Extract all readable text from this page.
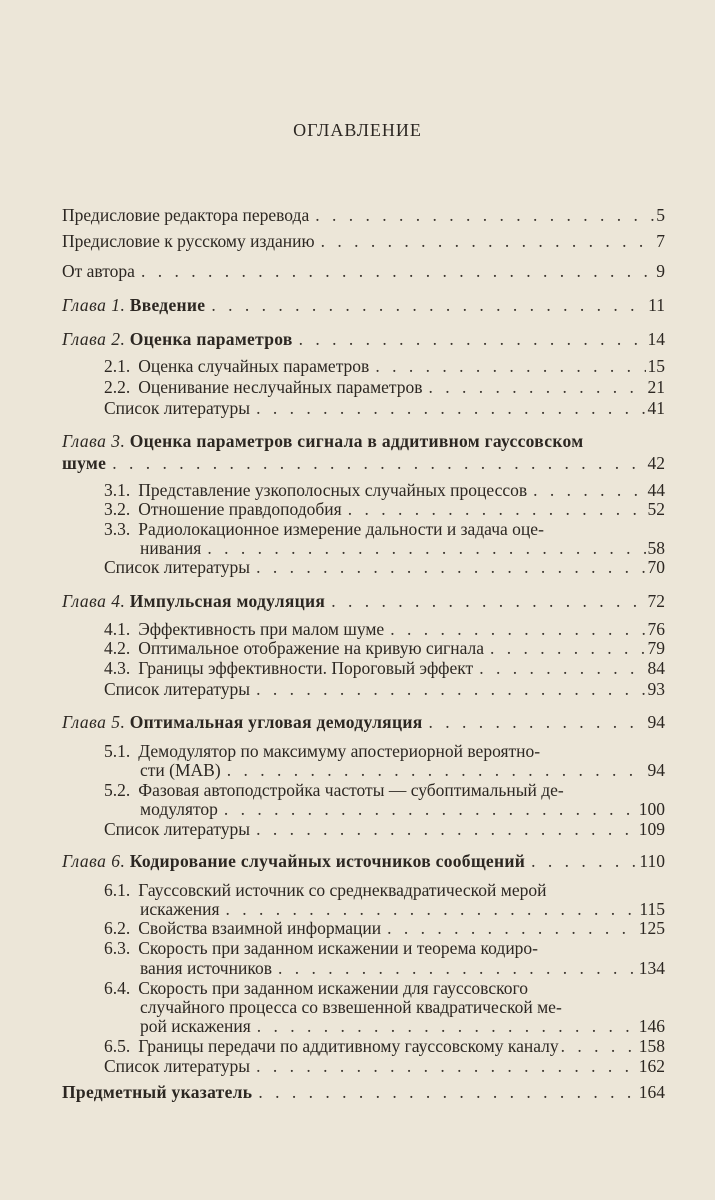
ОГЛАВЛЕНИЕ
Предисловие редактора перевода . . .	5
Предисловие к русскому изданию . . .	7
От автора . . .	9
Глава 1. Введение . . .	11
Глава 2. Оценка параметров . . .	14
2.1. Оценка случайных параметров . . .	15
2.2. Оценивание неслучайных параметров . . .	21
Список литературы . . .	41
Глава 3. Оценка параметров сигнала в аддитивном гауссовском
шуме . . .	42
3.1. Представление узкополосных случайных процессов . . .	44
3.2. Отношение правдоподобия . . .	52
3.3. Радиолокационное измерение дальности и задача оце-
нивания . . .	58
Список литературы . . .	70
Глава 4. Импульсная модуляция . . .	72
4.1. Эффективность при малом шуме . . .	76
4.2. Оптимальное отображение на кривую сигнала . . .	79
4.3. Границы эффективности. Пороговый эффект . . .	84
Список литературы . . .	93
Глава 5. Оптимальная угловая демодуляция . . .	94
5.1. Демодулятор по максимуму апостериорной вероятно-
сти (МАВ) . . .	94
5.2. Фазовая автоподстройка частоты — субоптимальный де-
модулятор . . .	100
Список литературы . . .	109
Глава 6. Кодирование случайных источников сообщений . . .	110
6.1. Гауссовский источник со среднеквадратической мерой
искажения . . .	115
6.2. Свойства взаимной информации . . .	125
6.3. Скорость при заданном искажении и теорема кодиро-
вания источников . . .	134
6.4. Скорость при заданном искажении для гауссовского
случайного процесса со взвешенной квадратической ме-
рой искажения . . .	146
6.5. Границы передачи по аддитивному гауссовскому каналу . . .	158
Список литературы . . .	162
Предметный указатель . . .	164
